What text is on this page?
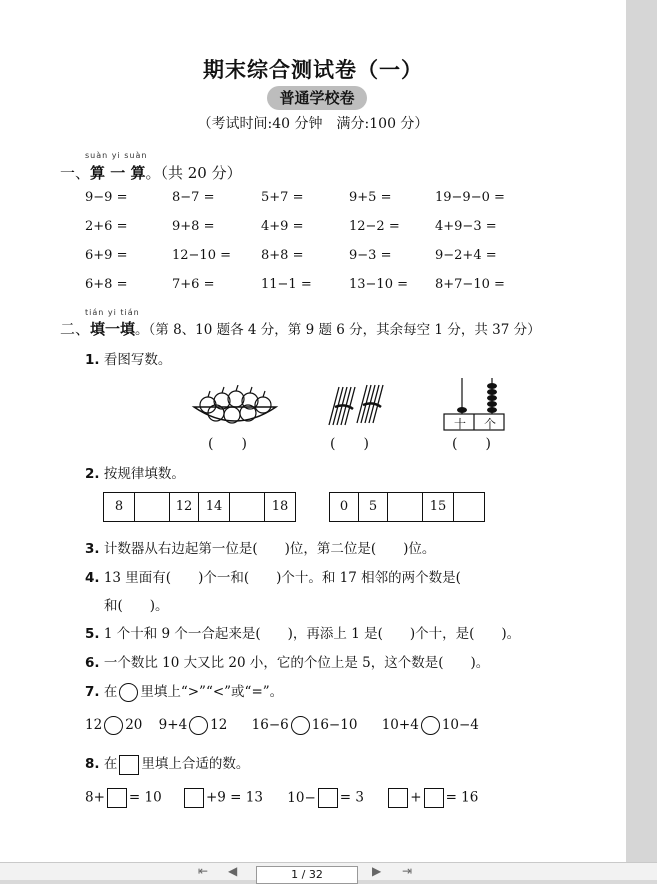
期末综合测试卷（一）
普通学校卷
（考试时间:40 分钟　满分:100 分）
suàn yi suàn
一、算 一 算。（共 20 分）
9−9 =	8−7 =	5+7 =	9+5 =	19−9−0 =
2+6 =	9+8 =	4+9 =	12−2 =	4+9−3 =
6+9 =	12−10 = 8+8 =	9−3 =	9−2+4 =
6+8 =	7+6 =	11−1 =	13−10 = 8+7−10 =
tián yi tián
二、填一填。（第 8、10 题各 4 分，第 9 题 6 分，其余每空 1 分，共 37 分）
1. 看图写数。
(　　)	(　　)
十 个
(　　)
2. 按规律填数。
8	12	14	18	0	5	15
3. 计数器从右边起第一位是(　　)位，第二位是(　　)位。
4. 13 里面有(　　)个一和(　　)个十。和 17 相邻的两个数是(
和(　　)。
5. 1 个十和 9 个一合起来是(　　)，再添上 1 是(　　)个十，是(　　)。
6. 一个数比 10 大又比 20 小，它的个位上是 5，这个数是(　　)。
7. 在 里填上“>”“<”或“=”。
12 20 9+4 12 16−6 16−10 10+4 10−4
8. 在 里填上合适的数。
8+ = 10	+9 = 13 10− = 3	+ = 16
⇤ ◀	1 / 32	▶ ⇥
